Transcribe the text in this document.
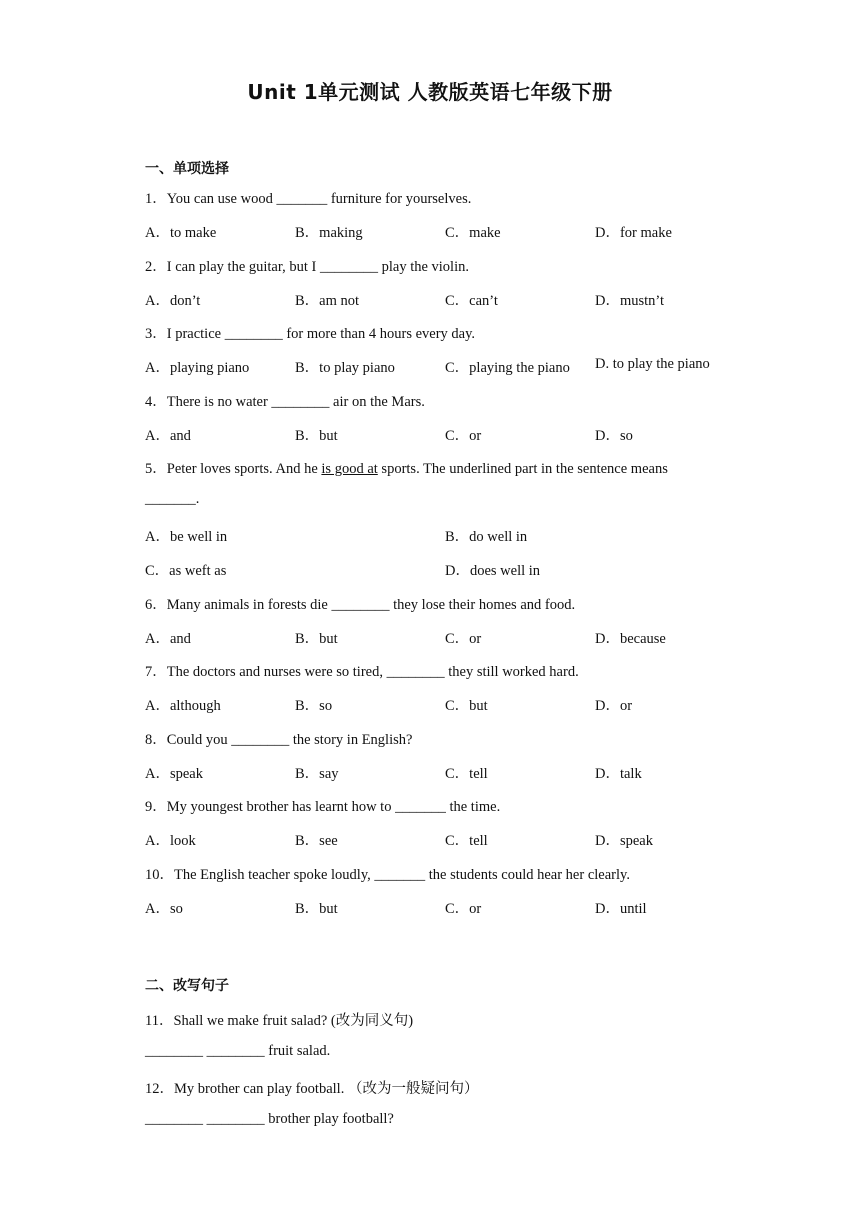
Unit 1单元测试 人教版英语七年级下册
一、单项选择
1．You can use wood _______ furniture for yourselves.
A．to make	B．making	C．make	D．for make
2．I can play the guitar, but I ________ play the violin.
A．don’t	B．am not	C．can’t	D．mustn’t
3．I practice ________ for more than 4 hours every day.
A．playing piano	B．to play piano	C．playing the piano D. to play the piano
4．There is no water ________ air on the Mars.
A．and	B．but	C．or	D．so
5．Peter loves sports. And he is good at sports. The underlined part in the sentence means
_______.
A．be well in	B．do well in
C．as weft as	D．does well in
6．Many animals in forests die ________ they lose their homes and food.
A．and	B．but	C．or	D．because
7．The doctors and nurses were so tired, ________ they still worked hard.
A．although	B．so	C．but	D．or
8．Could you ________ the story in English?
A．speak	B．say	C．tell	D．talk
9．My youngest brother has learnt how to _______ the time.
A．look	B．see	C．tell	D．speak
10．The English teacher spoke loudly, _______ the students could hear her clearly.
A．so	B．but	C．or	D．until
二、改写句子
11．Shall we make fruit salad? (改为同义句)
________ ________ fruit salad.
12．My brother can play football. （改为一般疑问句）
________ ________ brother play football?
